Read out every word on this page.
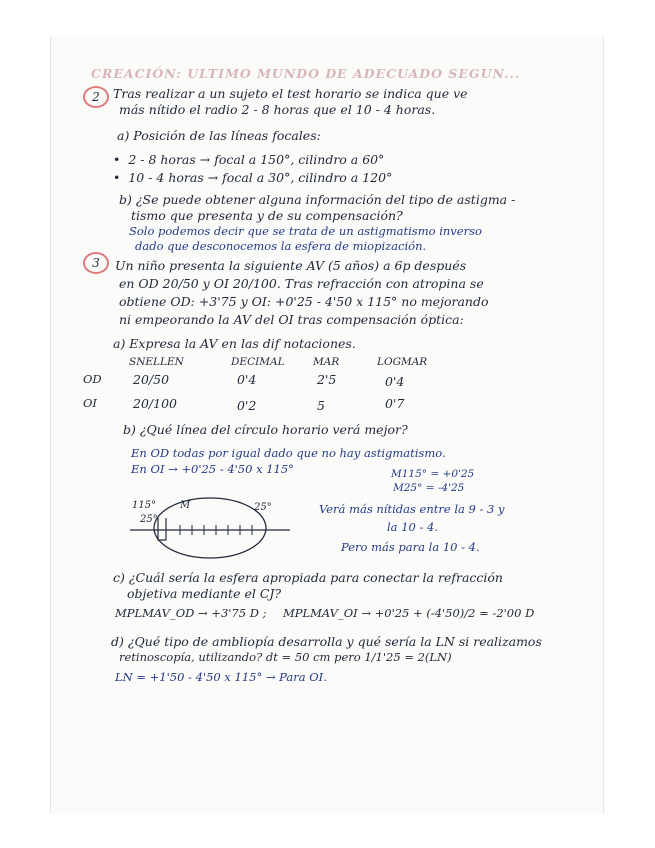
CREACIÓN: ULTIMO MUNDO DE ADECUADO SEGUN...
2	Tras realizar a un sujeto el test horario se indica que ve
más nítido el radio 2 - 8 horas que el 10 - 4 horas.
a) Posición de las líneas focales:
•  2 - 8 horas → focal a 150°, cilindro a 60°
•  10 - 4 horas → focal a 30°, cilindro a 120°
b) ¿Se puede obtener alguna información del tipo de astigma -
tismo que presenta y de su compensación?
Solo podemos decir que se trata de un astigmatismo inverso
dado que desconocemos la esfera de miopización.
3	Un niño presenta la siguiente AV (5 años) a 6p después
en OD 20/50 y OI 20/100. Tras refracción con atropina se
obtiene OD: +3'75 y OI: +0'25 - 4'50 x 115° no mejorando
ni empeorando la AV del OI tras compensación óptica:
a) Expresa la AV en las dif notaciones.
SNELLEN	DECIMAL	MAR	LOGMAR
OD	20/50	0'4	2'5	0'4
OI	20/100	0'2	5	0'7
b) ¿Qué línea del círculo horario verá mejor?
En OD todas por igual dado que no hay astigmatismo.
En OI → +0'25 - 4'50 x 115°	M115° = +0'25
M25° = -4'25
Verá más nítidas entre la 9 - 3 y
la 10 - 4.
Pero más para la 10 - 4.
c) ¿Cuál sería la esfera apropiada para conectar la refracción
objetiva mediante el CJ?
MPLMAV_OD → +3'75 D ; MPLMAV_OI → +0'25 + (-4'50)/2 = -2'00 D
d) ¿Qué tipo de ambliopía desarrolla y qué sería la LN si realizamos
retinoscopía, utilizando? dt = 50 cm pero 1/1'25 = 2(LN)
LN = +1'50 - 4'50 x 115° → Para OI.
115°
25°
M	25°
